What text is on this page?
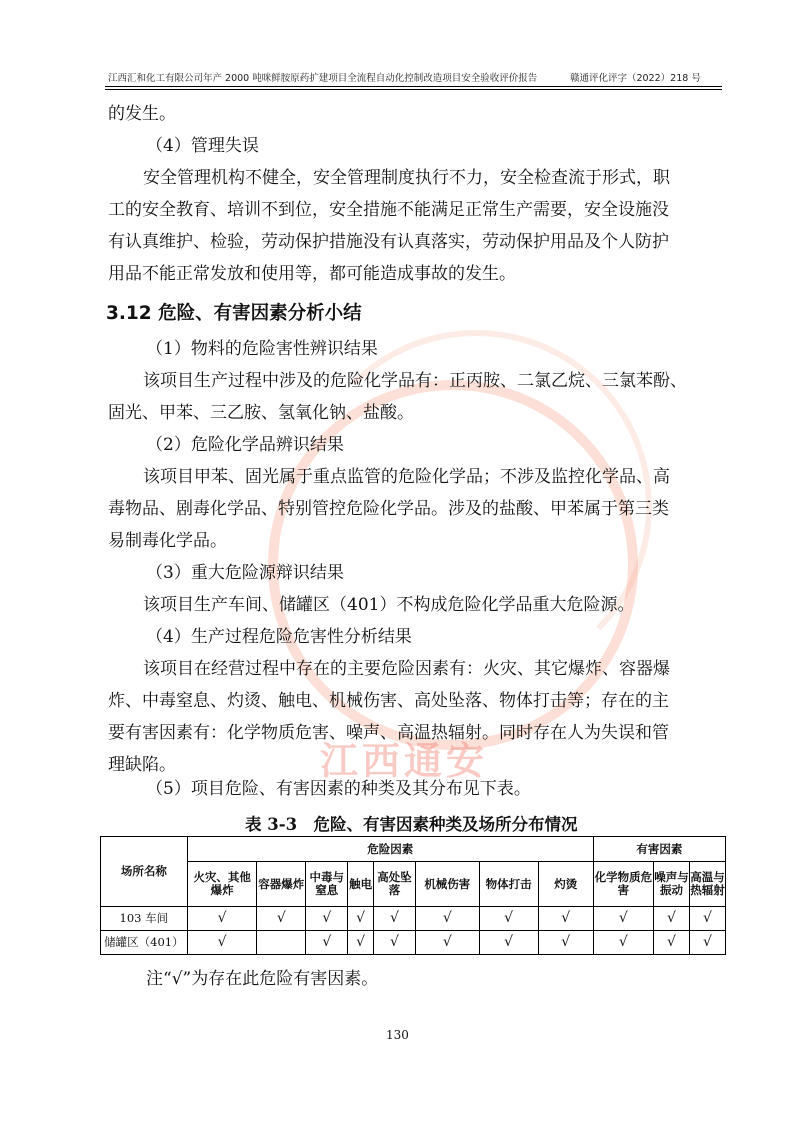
江西通安
江西汇和化工有限公司年产 2000 吨咪鲜胺原药扩建项目全流程自动化控制改造项目安全验收评价报告	赣通评化评字（2022）218 号
的发生。
（4）管理失误
安全管理机构不健全，安全管理制度执行不力，安全检查流于形式，职
工的安全教育、培训不到位，安全措施不能满足正常生产需要，安全设施没
有认真维护、检验，劳动保护措施没有认真落实，劳动保护用品及个人防护
用品不能正常发放和使用等，都可能造成事故的发生。
3.12 危险、有害因素分析小结
（1）物料的危险害性辨识结果
该项目生产过程中涉及的危险化学品有：正丙胺、二氯乙烷、三氯苯酚、
固光、甲苯、三乙胺、氢氧化钠、盐酸。
（2）危险化学品辨识结果
该项目甲苯、固光属于重点监管的危险化学品；不涉及监控化学品、高
毒物品、剧毒化学品、特别管控危险化学品。涉及的盐酸、甲苯属于第三类
易制毒化学品。
（3）重大危险源辩识结果
该项目生产车间、储罐区（401）不构成危险化学品重大危险源。
（4）生产过程危险危害性分析结果
该项目在经营过程中存在的主要危险因素有：火灾、其它爆炸、容器爆
炸、中毒窒息、灼烫、触电、机械伤害、高处坠落、物体打击等；存在的主
要有害因素有：化学物质危害、噪声、高温热辐射。同时存在人为失误和管
理缺陷。
（5）项目危险、有害因素的种类及其分布见下表。
表 3-3　危险、有害因素种类及场所分布情况
场所名称	危险因素								有害因素		
	火灾、其他爆炸	容器爆炸	中毒与窒息	触电	高处坠落	机械伤害	物体打击	灼烫	化学物质危害	噪声与振动	高温与热辐射
103 车间	√	√	√	√	√	√	√	√	√	√	√
储罐区（401）	√		√	√	√	√	√	√	√	√	√
注“√”为存在此危险有害因素。
130
